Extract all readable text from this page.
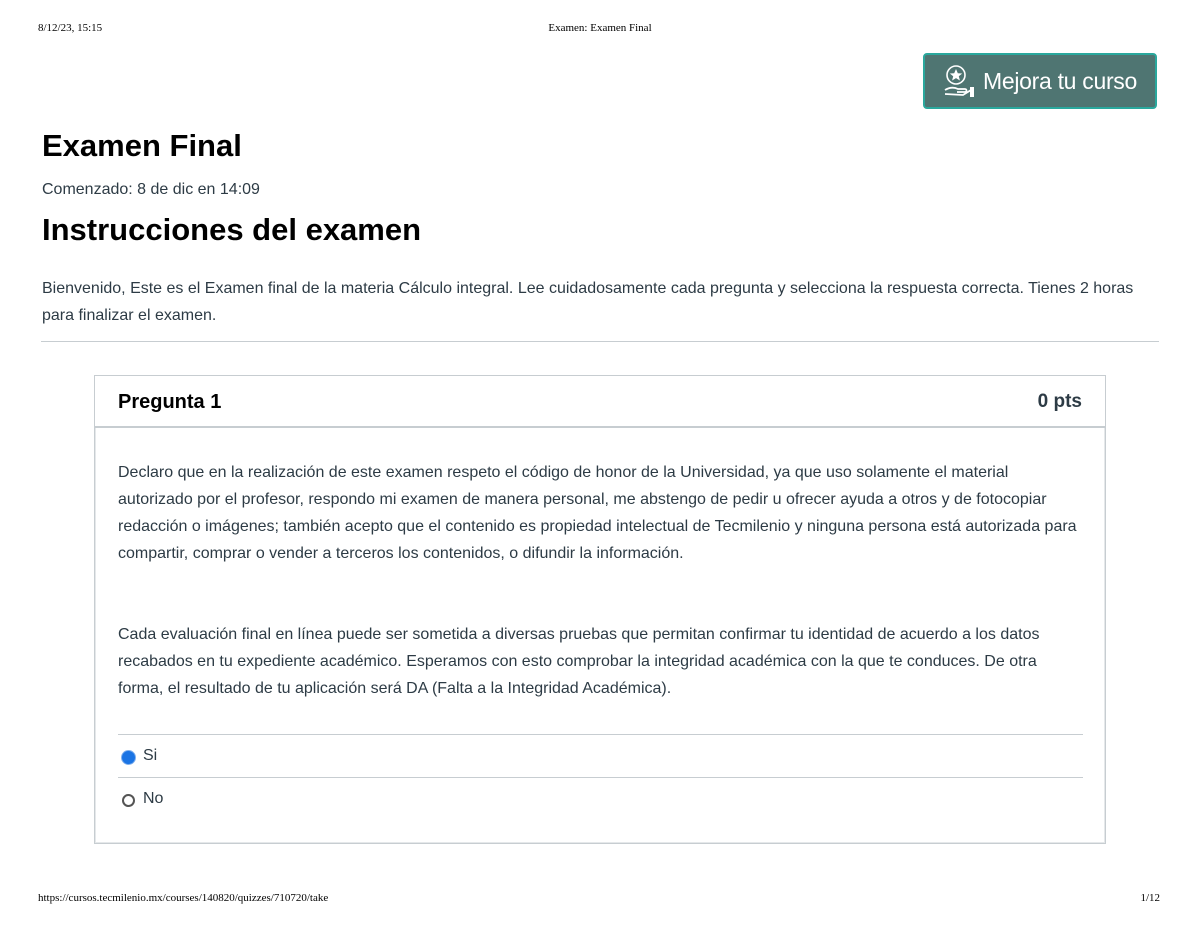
8/12/23, 15:15	Examen: Examen Final
Mejora tu curso
Examen Final
Comenzado: 8 de dic en 14:09
Instrucciones del examen

Bienvenido, Este es el Examen final de la materia Cálculo integral. Lee cuidadosamente cada pregunta y selecciona la respuesta correcta. Tienes 2 horas para finalizar el examen.

Pregunta 1	0 pts

Declaro que en la realización de este examen respeto el código de honor de la Universidad, ya que uso solamente el material autorizado por el profesor, respondo mi examen de manera personal, me abstengo de pedir u ofrecer ayuda a otros y de fotocopiar redacción o imágenes; también acepto que el contenido es propiedad intelectual de Tecmilenio y ninguna persona está autorizada para compartir, comprar o vender a terceros los contenidos, o difundir la información.

Cada evaluación final en línea puede ser sometida a diversas pruebas que permitan confirmar tu identidad de acuerdo a los datos recabados en tu expediente académico. Esperamos con esto comprobar la integridad académica con la que te conduces. De otra forma, el resultado de tu aplicación será DA (Falta a la Integridad Académica).

Si
No
https://cursos.tecmilenio.mx/courses/140820/quizzes/710720/take	1/12
